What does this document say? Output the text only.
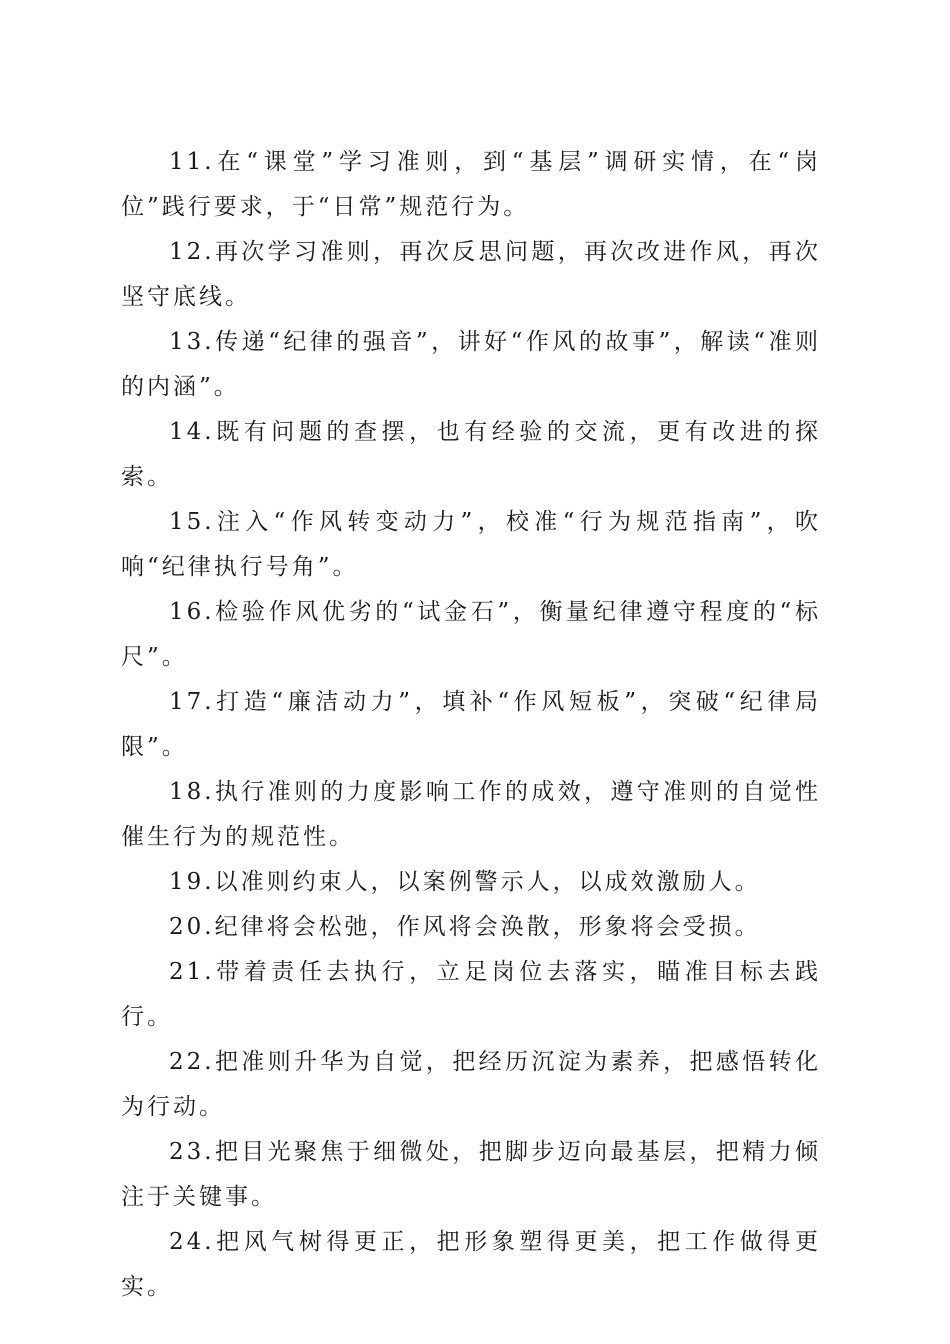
11.在“课堂”学习准则，到“基层”调研实情，在“岗位”践行要求，于“日常”规范行为。

12.再次学习准则，再次反思问题，再次改进作风，再次坚守底线。

13.传递“纪律的强音”，讲好“作风的故事”，解读“准则的内涵”。

14.既有问题的查摆，也有经验的交流，更有改进的探索。

15.注入“作风转变动力”，校准“行为规范指南”，吹响“纪律执行号角”。

16.检验作风优劣的“试金石”，衡量纪律遵守程度的“标尺”。

17.打造“廉洁动力”，填补“作风短板”，突破“纪律局限”。

18.执行准则的力度影响工作的成效，遵守准则的自觉性催生行为的规范性。

19.以准则约束人，以案例警示人，以成效激励人。

20.纪律将会松弛，作风将会涣散，形象将会受损。

21.带着责任去执行，立足岗位去落实，瞄准目标去践行。

22.把准则升华为自觉，把经历沉淀为素养，把感悟转化为行动。

23.把目光聚焦于细微处，把脚步迈向最基层，把精力倾注于关键事。

24.把风气树得更正，把形象塑得更美，把工作做得更实。
